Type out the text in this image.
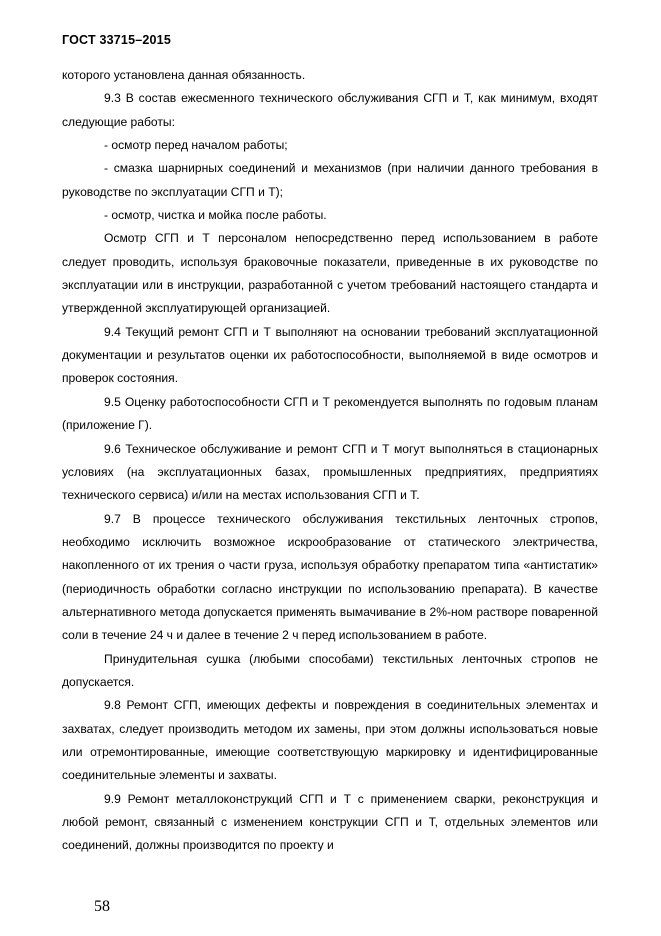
ГОСТ 33715–2015

которого установлена данная обязанность.

9.3 В состав ежесменного технического обслуживания СГП и Т, как минимум, входят следующие работы:

- осмотр перед началом работы;

- смазка шарнирных соединений и механизмов (при наличии данного требования в руководстве по эксплуатации СГП и Т);

- осмотр, чистка и мойка после работы.

Осмотр СГП и Т персоналом непосредственно перед использованием в работе следует проводить, используя браковочные показатели, приведенные в их руководстве по эксплуатации или в инструкции, разработанной с учетом требований настоящего стандарта и утвержденной эксплуатирующей организацией.

9.4 Текущий ремонт СГП и Т выполняют на основании требований эксплуатационной документации и результатов оценки их работоспособности, выполняемой в виде осмотров и проверок состояния.

9.5 Оценку работоспособности СГП и Т рекомендуется выполнять по годовым планам (приложение Г).

9.6 Техническое обслуживание и ремонт СГП и Т могут выполняться в стационарных условиях (на эксплуатационных базах, промышленных предприятиях, предприятиях технического сервиса) и/или на местах использования СГП и Т.

9.7 В процессе технического обслуживания текстильных ленточных стропов, необходимо исключить возможное искрообразование от статического электричества, накопленного от их трения о части груза, используя обработку препаратом типа «антистатик» (периодичность обработки согласно инструкции по использованию препарата). В качестве альтернативного метода допускается применять вымачивание в 2%-ном растворе поваренной соли в течение 24 ч и далее в течение 2 ч перед использованием в работе.

Принудительная сушка (любыми способами) текстильных ленточных стропов не допускается.

9.8 Ремонт СГП, имеющих дефекты и повреждения в соединительных элементах и захватах, следует производить методом их замены, при этом должны использоваться новые или отремонтированные, имеющие соответствующую маркировку и идентифицированные соединительные элементы и захваты.

9.9 Ремонт металлоконструкций СГП и Т с применением сварки, реконструкция и любой ремонт, связанный с изменением конструкции СГП и Т, отдельных элементов или соединений, должны производится по проекту и

58
